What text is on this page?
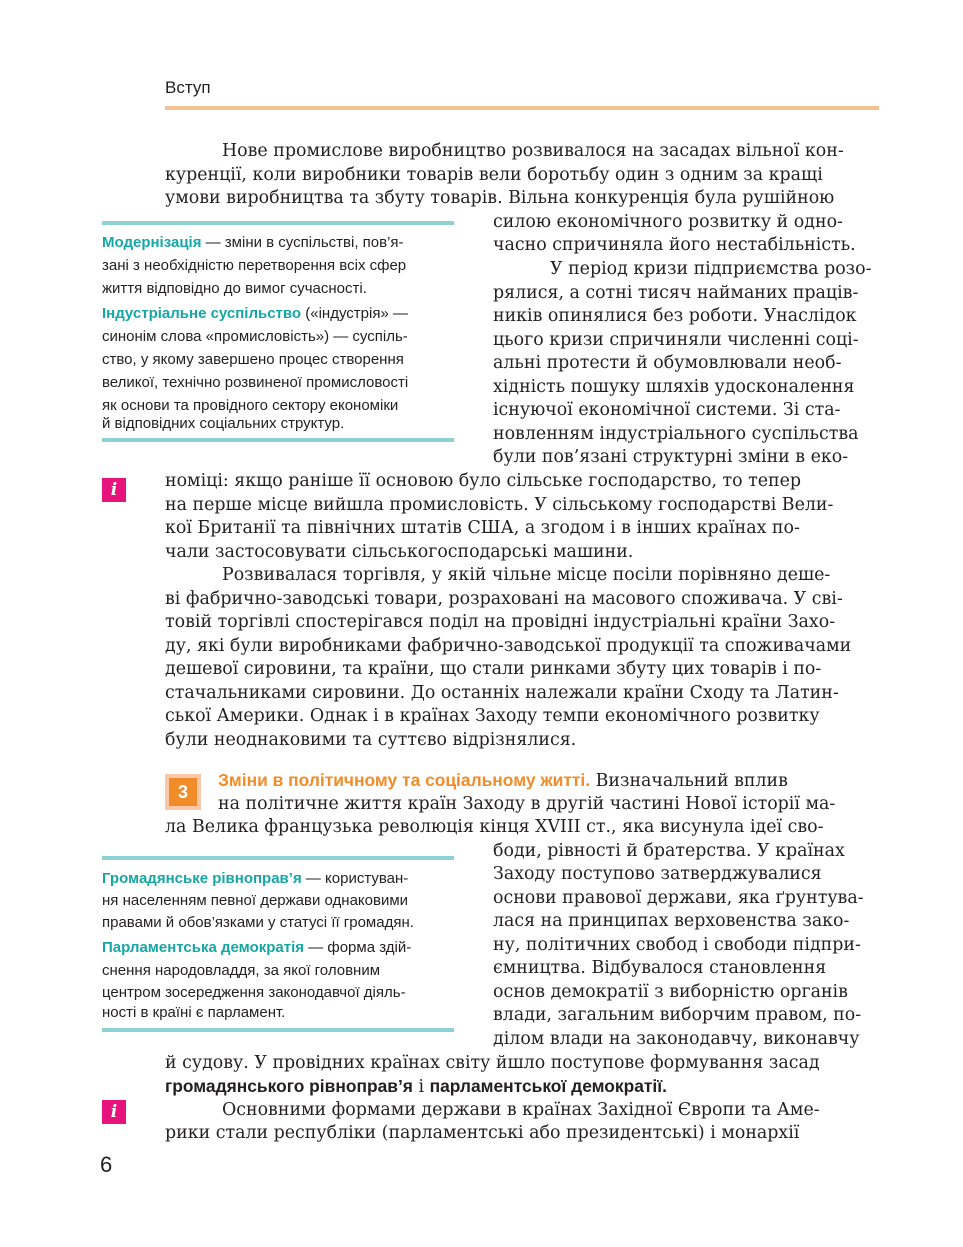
Вступ
Нове промислове виробництво розвивалося на засадах вільної кон-
куренції, коли виробники товарів вели боротьбу один з одним за кращі
умови виробництва та збуту товарів. Вільна конкуренція була рушійною
силою економічного розвитку й одно-
часно спричиняла його нестабільність.
Модернізація — зміни в суспільстві, пов’я-
зані з необхідністю перетворення всіх сфер
життя відповідно до вимог сучасності.
Індустріальне суспільство («індустрія» —
синонім слова «промисловість») — суспіль-
ство, у якому завершено процес створення
великої, технічно розвиненої промисловості
як основи та провідного сектору економіки
й відповідних соціальних структур.
У період кризи підприємства розо-
рялися, а сотні тисяч найманих праців-
ників опинялися без роботи. Унаслідок
цього кризи спричиняли численні соці-
альні протести й обумовлювали необ-
хідність пошуку шляхів удосконалення
існуючої економічної системи. Зі ста-
новленням індустріального суспільства
були пов’язані структурні зміни в еко-
i	номіці: якщо раніше її основою було сільське господарство, то тепер
на перше місце вийшла промисловість. У сільському господарстві Вели-
кої Британії та північних штатів США, а згодом і в інших країнах по-
чали застосовувати сільськогосподарські машини.
Розвивалася торгівля, у якій чільне місце посіли порівняно деше-
ві фабрично-заводські товари, розраховані на масового споживача. У сві-
товій торгівлі спостерігався поділ на провідні індустріальні країни Захо-
ду, які були виробниками фабрично-заводської продукції та споживачами
дешевої сировини, та країни, що стали ринками збуту цих товарів і по-
стачальниками сировини. До останніх належали країни Сходу та Латин-
ської Америки. Однак і в країнах Заходу темпи економічного розвитку
були неоднаковими та суттєво відрізнялися.
3
Зміни в політичному та соціальному житті. Визначальний вплив
на політичне життя країн Заходу в другій частині Нової історії ма-
ла Велика французька революція кінця XVIII ст., яка висунула ідеї сво-
боди, рівності й братерства. У країнах
Заходу поступово затверджувалися
основи правової держави, яка ґрунтува-
лася на принципах верховенства зако-
ну, політичних свобод і свободи підпри-
ємництва. Відбувалося становлення
основ демократії з виборністю органів
влади, загальним виборчим правом, по-
ділом влади на законодавчу, виконавчу
Громадянське рівноправ’я — користуван-
ня населенням певної держави однаковими
правами й обов’язками у статусі її громадян.
Парламентська демократія — форма здій-
снення народовладдя, за якої головним
центром зосередження законодавчої діяль-
ності в країні є парламент.
й судову. У провідних країнах світу йшло поступове формування засад
громадянського рівноправ’я і парламентської демократії.
i	Основними формами держави в країнах Західної Європи та Аме-
рики стали республіки (парламентські або президентські) і монархії
6
